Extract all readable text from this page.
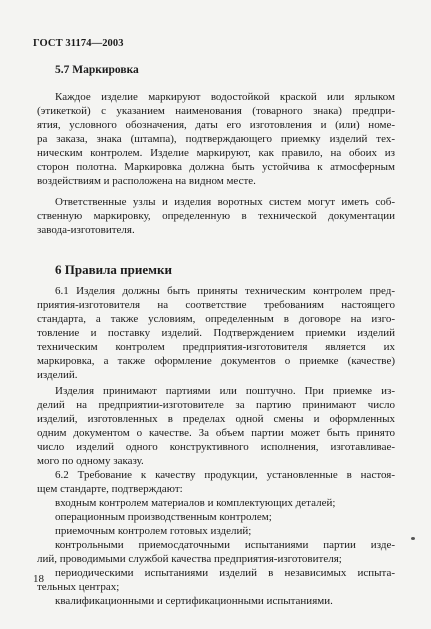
ГОСТ 31174—2003
5.7 Маркировка
6 Правила приемки
Каждое изделие маркируют водостойкой краской или ярлыком
(этикеткой) с указанием наименования (товарного знака) предпри-
ятия, условного обозначения, даты его изготовления и (или) номе-
ра заказа, знака (штампа), подтверждающего приемку изделий тех-
ническим контролем. Изделие маркируют, как правило, на обоих из
сторон полотна. Маркировка должна быть устойчива к атмосферным
воздействиям и расположена на видном месте.
Ответственные узлы и изделия воротных систем могут иметь соб-
ственную маркировку, определенную в технической документации
завода-изготовителя.
6.1 Изделия должны быть приняты техническим контролем пред-
приятия-изготовителя на соответствие требованиям настоящего
стандарта, а также условиям, определенным в договоре на изго-
товление и поставку изделий. Подтверждением приемки изделий
техническим контролем предприятия-изготовителя является их
маркировка, а также оформление документов о приемке (качестве)
изделий.
Изделия принимают партиями или поштучно. При приемке из-
делий на предприятии-изготовителе за партию принимают число
изделий, изготовленных в пределах одной смены и оформленных
одним документом о качестве. За объем партии может быть принято
число изделий одного конструктивного исполнения, изготавливае-
мого по одному заказу.
6.2 Требование к качеству продукции, установленные в настоя-
щем стандарте, подтверждают:
входным контролем материалов и комплектующих деталей;
операционным производственным контролем;
приемочным контролем готовых изделий;
контрольными приемосдаточными испытаниями партии изде-
лий, проводимыми службой качества предприятия-изготовителя;
периодическими испытаниями изделий в независимых испыта-
тельных центрах;
квалификационными и сертификационными испытаниями.
18
